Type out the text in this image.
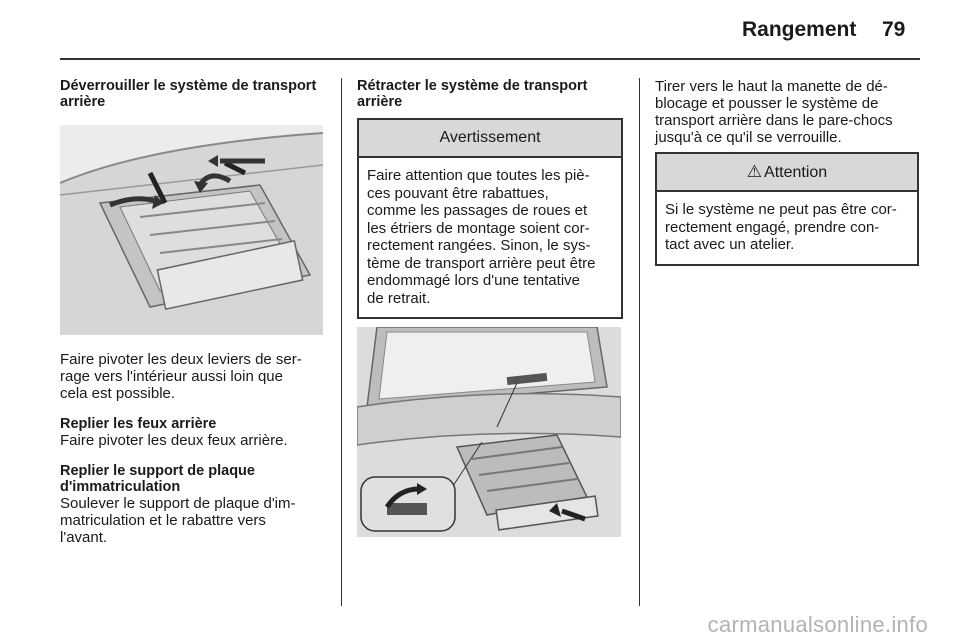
Rangement 79
Déverrouiller le système de transport arrière

Faire pivoter les deux leviers de ser-
rage vers l'intérieur aussi loin que
cela est possible.

Replier les feux arrière

Faire pivoter les deux feux arrière.

Replier le support de plaque
d'immatriculation

Soulever le support de plaque d'im-
matriculation et le rabattre vers
l'avant.

Rétracter le système de transport arrière
Avertissement
Faire attention que toutes les piè-
ces pouvant être rabattues,
comme les passages de roues et
les étriers de montage soient cor-
rectement rangées. Sinon, le sys-
tème de transport arrière peut être
endommagé lors d'une tentative
de retrait.

Tirer vers le haut la manette de dé-
blocage et pousser le système de
transport arrière dans le pare-chocs
jusqu'à ce qu'il se verrouille.

⚠ Attention
Si le système ne peut pas être cor-
rectement engagé, prendre con-
tact avec un atelier.
carmanualsonline.info
